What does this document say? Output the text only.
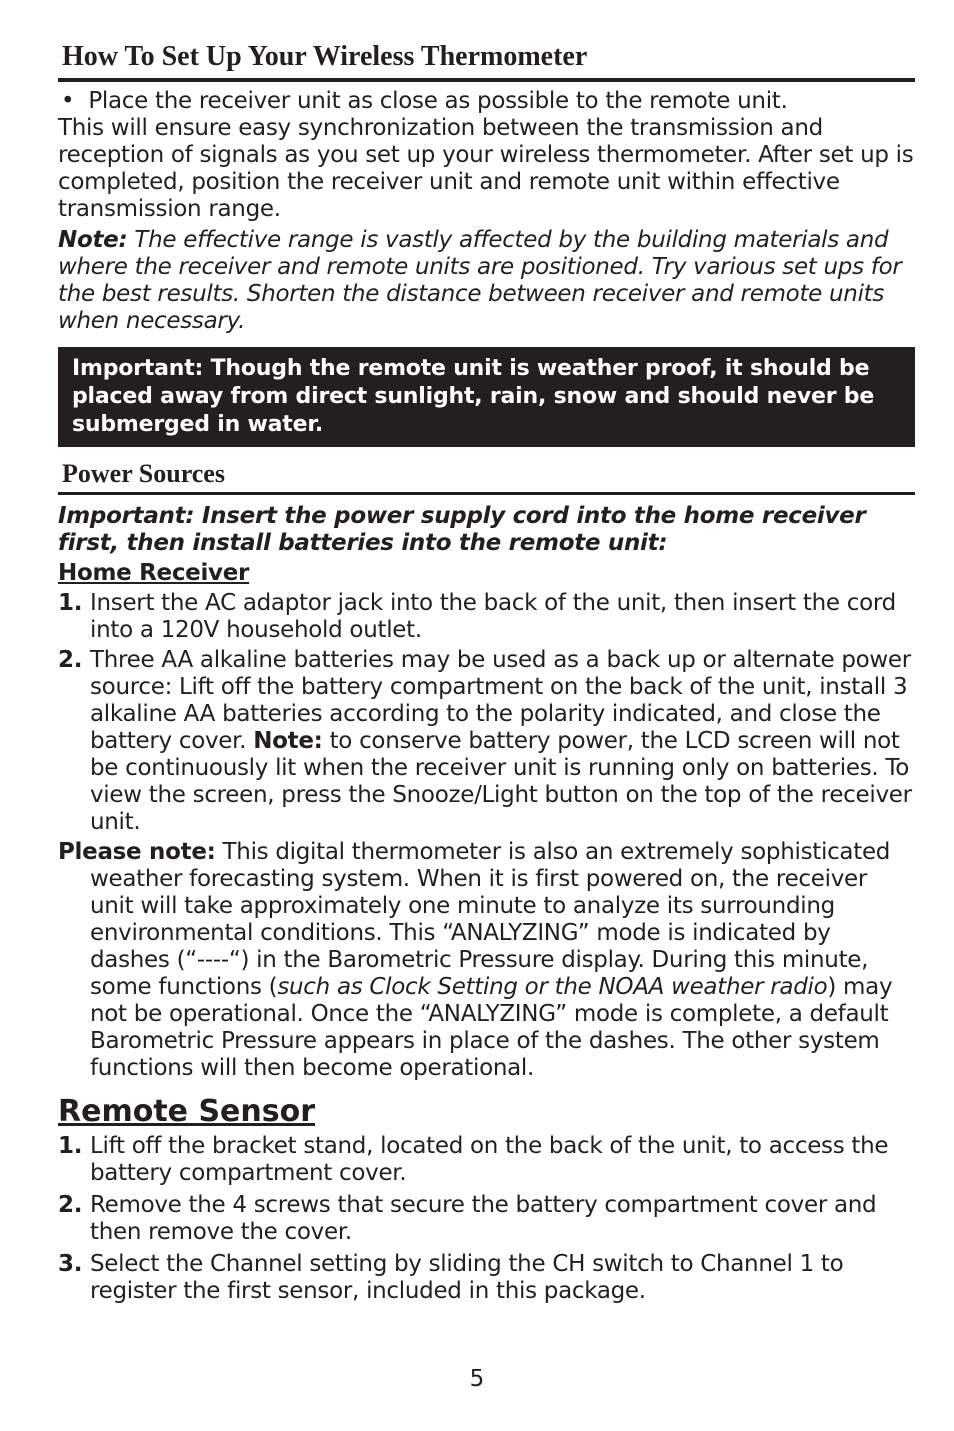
How To Set Up Your Wireless Thermometer
• Place the receiver unit as close as possible to the remote unit.
This will ensure easy synchronization between the transmission and reception of signals as you set up your wireless thermometer. After set up is completed, position the receiver unit and remote unit within effective transmission range.
Note: The effective range is vastly affected by the building materials and where the receiver and remote units are positioned. Try various set ups for the best results. Shorten the distance between receiver and remote units when necessary.
Important: Though the remote unit is weather proof, it should be placed away from direct sunlight, rain, snow and should never be submerged in water.
Power Sources
Important: Insert the power supply cord into the home receiver first, then install batteries into the remote unit:
Home Receiver
1. Insert the AC adaptor jack into the back of the unit, then insert the cord into a 120V household outlet.
2. Three AA alkaline batteries may be used as a back up or alternate power source: Lift off the battery compartment on the back of the unit, install 3 alkaline AA batteries according to the polarity indicated, and close the battery cover. Note: to conserve battery power, the LCD screen will not be continuously lit when the receiver unit is running only on batteries. To view the screen, press the Snooze/Light button on the top of the receiver unit.
Please note: This digital thermometer is also an extremely sophisticated weather forecasting system. When it is first powered on, the receiver unit will take approximately one minute to analyze its surrounding environmental conditions. This “ANALYZING” mode is indicated by dashes (“----“) in the Barometric Pressure display. During this minute, some functions (such as Clock Setting or the NOAA weather radio) may not be operational. Once the “ANALYZING” mode is complete, a default Barometric Pressure appears in place of the dashes. The other system functions will then become operational.
Remote Sensor
1. Lift off the bracket stand, located on the back of the unit, to access the battery compartment cover.
2. Remove the 4 screws that secure the battery compartment cover and then remove the cover.
3. Select the Channel setting by sliding the CH switch to Channel 1 to register the first sensor, included in this package.
5
